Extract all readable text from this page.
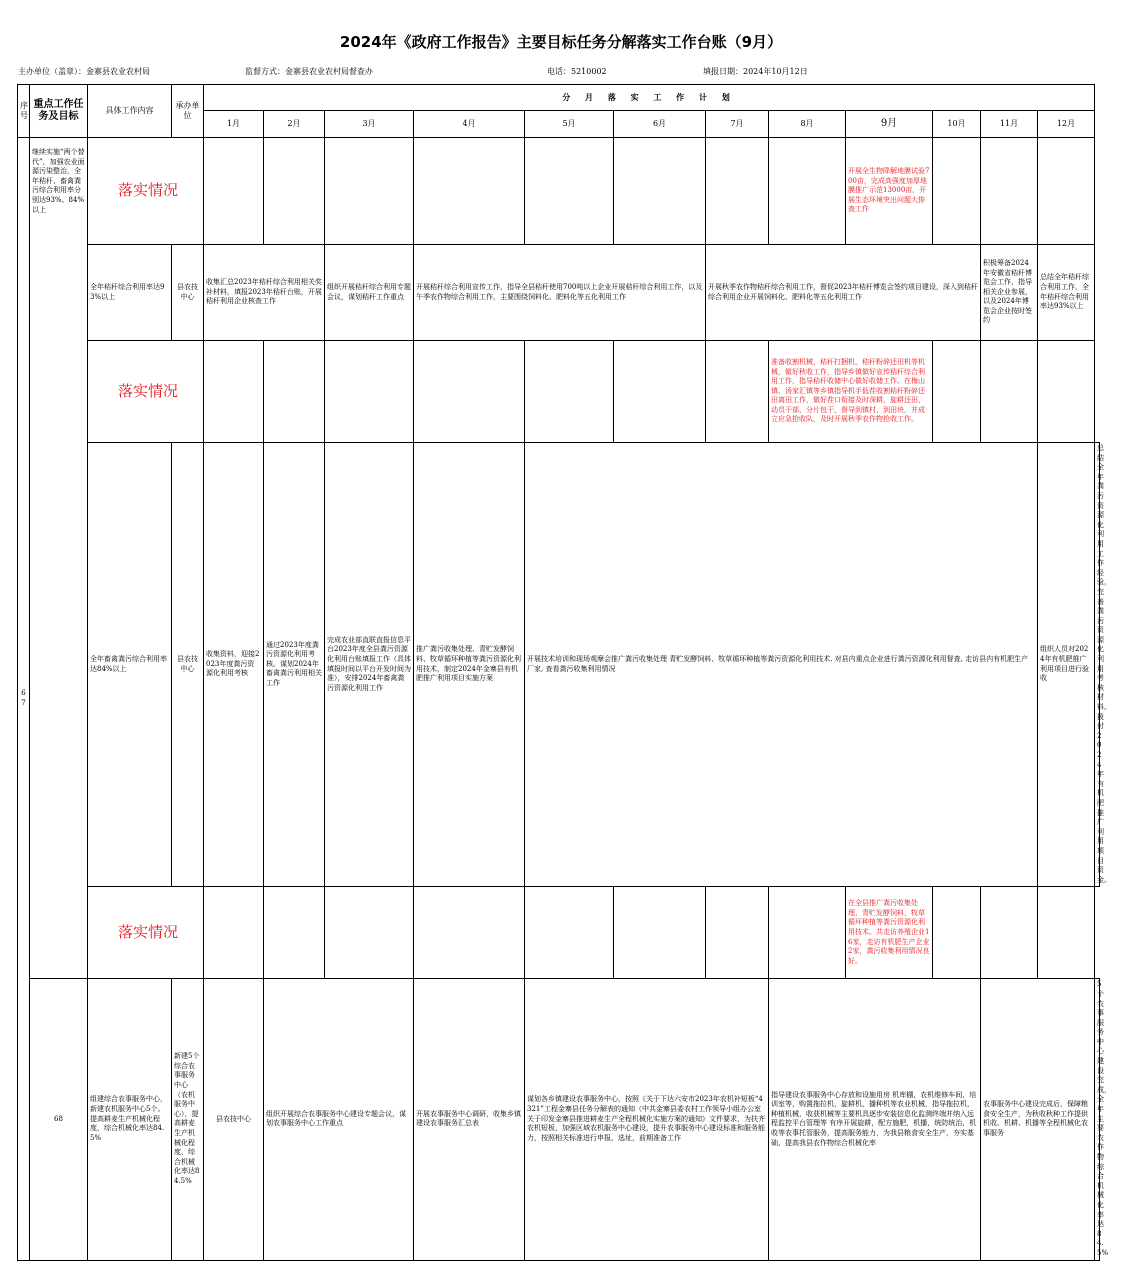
2024年《政府工作报告》主要目标任务分解落实工作台账（9月）
主办单位（盖章）：金寨县农业农村局	监督方式：金寨县农业农村局督查办	电话：5210002	填报日期：2024年10月12日
序号	重点工作任务及目标	具体工作内容	承办单位	分 月 落 实 工 作 计 划												
				1月	2月	3月	4月	5月	6月	7月	8月	9月	10月	11月	12月	
67	继续实施“两个替代”，加强农业面源污染整治，全年秸秆、畜禽粪污综合利用率分别达93%、84%以上	落实情况										开展全生物降解地膜试验700亩，完成高强度加厚地膜推广示范13000亩，开展生态环境突出问题大排查工作				
		全年秸秆综合利用率达93%以上	县农技中心	收集汇总2023年秸秆综合利用相关奖补材料，填报2023年秸秆台账，开展秸秆利用企业核查工作		组织开展秸秆综合利用专题会议，谋划秸秆工作重点	开展秸秆综合利用宣传工作，指导全县秸秆使用700吨以上企业开展秸秆综合利用工作，以及午季农作物综合利用工作，主要围绕饲料化、肥料化等五化利用工作			开展秋季农作物秸秆综合利用工作，督促2023年秸秆博览会签约项目建设，深入到秸秆综合利用企业开展饲料化、肥料化等五化利用工作				积极筹备2024年安徽省秸秆博览会工作，指导相关企业参展，以及2024年博览会企业按时签约	总结全年秸秆综合利用工作，全年秸秆综合利用率达93%以上	
		落实情况									准备收割机械，秸秆打捆机，秸秆粉碎还田机等机械，做好秋收工作，指导乡镇做好宣传秸秆综合利用工作，指导秸秆收储中心做好收储工作。在梅山镇、汤家汇镇等乡镇指导机手低茬收割秸秆粉碎还田离田工作，做好茬口衔接及时深耕，旋耕还田，动员干部，分片包干，督导到镇村、到田块，并成立应急抢收队，及时开展秋季农作物抢收工作。					
		全年畜禽粪污综合利用率达84%以上	县农技中心	收集资料，迎接2023年度粪污资源化利用考核	通过2023年度粪污资源化利用考核。谋划2024年畜禽粪污利用相关工作	完成农业部直联直报信息平台2023年度全县粪污资源化利用台账填报工作（具体填报时间以平台开发时间为准），安排2024年畜禽粪污资源化利用工作	推广粪污收集处理、青贮发酵饲料、牧草循环种植等粪污资源化利用技术，制定2024年金寨县有机肥推广利用项目实施方案	开展技术培训和现场观摩会推广粪污收集处理 青贮发酵饲料、牧草循环种植等粪污资源化利用技术. 对县内重点企业进行粪污资源化利用督查, 走访县内有机肥生产厂家, 查看粪污收集利用情况							组织人员对2024年有机肥推广利用项目进行验收	总结全年粪污资源化利用工作经验，完善粪污资源化利用考核材料。拨付2024年有机肥推广利用项目资金。
		落实情况										在全县推广粪污收集处理、青贮发酵饲料，牧草循环种植等粪污资源化利用技术。共走访养殖企业16家，走访有机肥生产企业2家，粪污收集利用情况良好。				
	68	组建综合农事服务中心，新建农机服务中心5个。提高耕麦生产机械化程度，综合机械化率达84.5%	新建5个综合农事服务中心（农机服务中心），提高耕麦生产机械化程度，综合机械化率达84.5%	县农技中心	组织开展综合农事服务中心建设专题会议，谋划农事服务中心工作重点		开展农事服务中心调研，收集乡镇建设农事服务汇总表	谋划各乡镇建设农事服务中心，按照《关于下达六安市2023年农机补短板“4321”工程金寨县任务分解表的通知（中共金寨县委农村工作领导小组办公室关于印发金寨县推进耕麦生产全程机械化实施方案的通知》文件要求，为扶齐农机短板，加强区域农机服务中心建设，提升农事服务中心建设标准和服务能力，按照相关标准进行申报，选址，前期准备工作			指导建设农事服务中心存放和设施用房 机库棚，农机维修车间，培训室等，购置拖拉机，旋耕机，播种机等农业机械，指导拖拉机，种植机械，收获机械等主要机具逐步安装信息化监测终端并纳入远程监控平台管理等 有序开展旋耕，配方施肥，机播，统防统治，机收等农事托管服务，提高服务能力，为我县粮食安全生产，夯实基础，提高我县农作物综合机械化率			农事服务中心建设完成后，保障粮食安全生产，为秋收秋种工作提供机收、机耕、机播等全程机械化农事服务		5个农事服务中心建设完成，全年主要农作物综合机械化率达84.5%
